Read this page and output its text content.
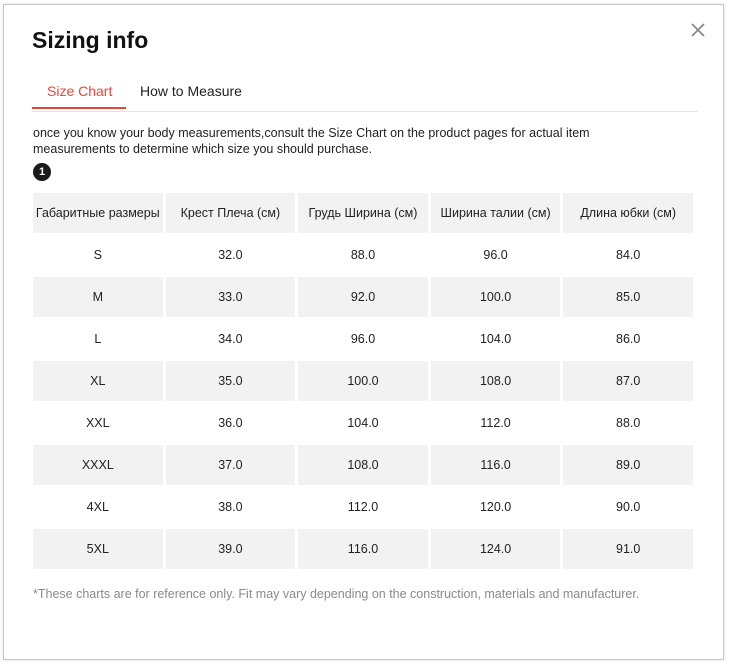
Sizing info
Size Chart	How to Measure
once you know your body measurements,consult the Size Chart on the product pages for actual item measurements to determine which size you should purchase.
1
Габаритные размеры	Крест Плеча (см)	Грудь Ширина (см)	Ширина талии (см)	Длина юбки (см)
S	32.0	88.0	96.0	84.0
M	33.0	92.0	100.0	85.0
L	34.0	96.0	104.0	86.0
XL	35.0	100.0	108.0	87.0
XXL	36.0	104.0	112.0	88.0
XXXL	37.0	108.0	116.0	89.0
4XL	38.0	112.0	120.0	90.0
5XL	39.0	116.0	124.0	91.0
*These charts are for reference only. Fit may vary depending on the construction, materials and manufacturer.
